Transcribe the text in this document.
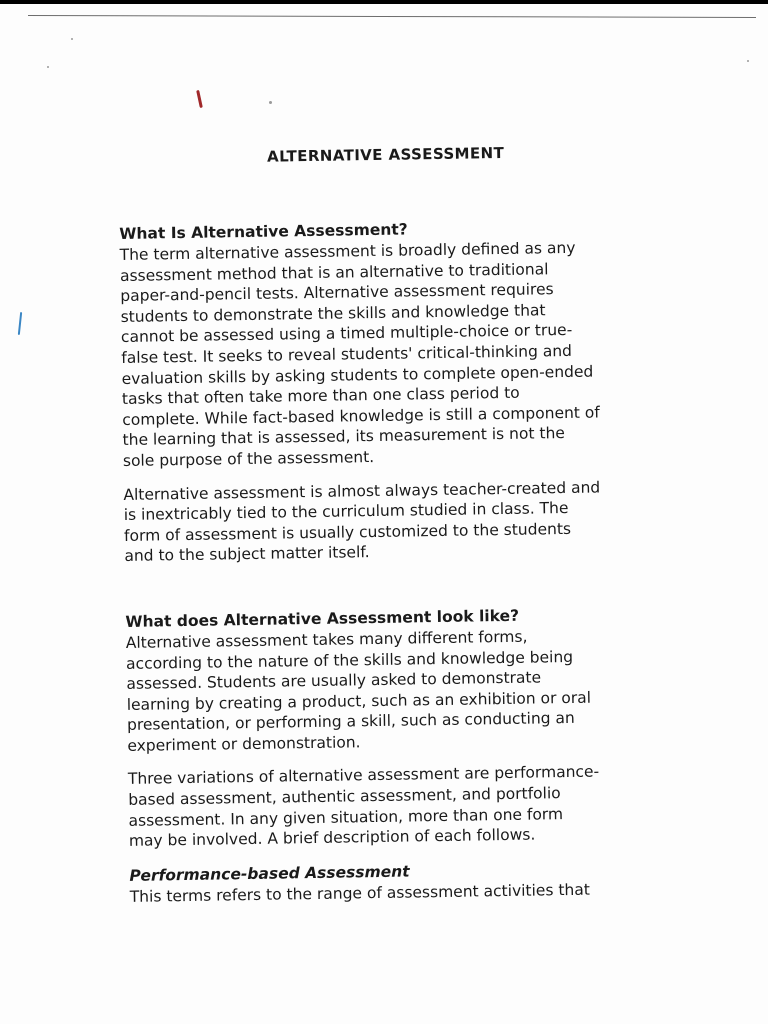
ALTERNATIVE ASSESSMENT

What Is Alternative Assessment?

The term alternative assessment is broadly defined as any
assessment method that is an alternative to traditional
paper-and-pencil tests. Alternative assessment requires
students to demonstrate the skills and knowledge that
cannot be assessed using a timed multiple-choice or true-
false test. It seeks to reveal students' critical-thinking and
evaluation skills by asking students to complete open-ended
tasks that often take more than one class period to
complete. While fact-based knowledge is still a component of
the learning that is assessed, its measurement is not the
sole purpose of the assessment.

Alternative assessment is almost always teacher-created and
is inextricably tied to the curriculum studied in class. The
form of assessment is usually customized to the students
and to the subject matter itself.

What does Alternative Assessment look like?

Alternative assessment takes many different forms,
according to the nature of the skills and knowledge being
assessed. Students are usually asked to demonstrate
learning by creating a product, such as an exhibition or oral
presentation, or performing a skill, such as conducting an
experiment or demonstration.

Three variations of alternative assessment are performance-
based assessment, authentic assessment, and portfolio
assessment. In any given situation, more than one form
may be involved. A brief description of each follows.

Performance-based Assessment

This terms refers to the range of assessment activities that
